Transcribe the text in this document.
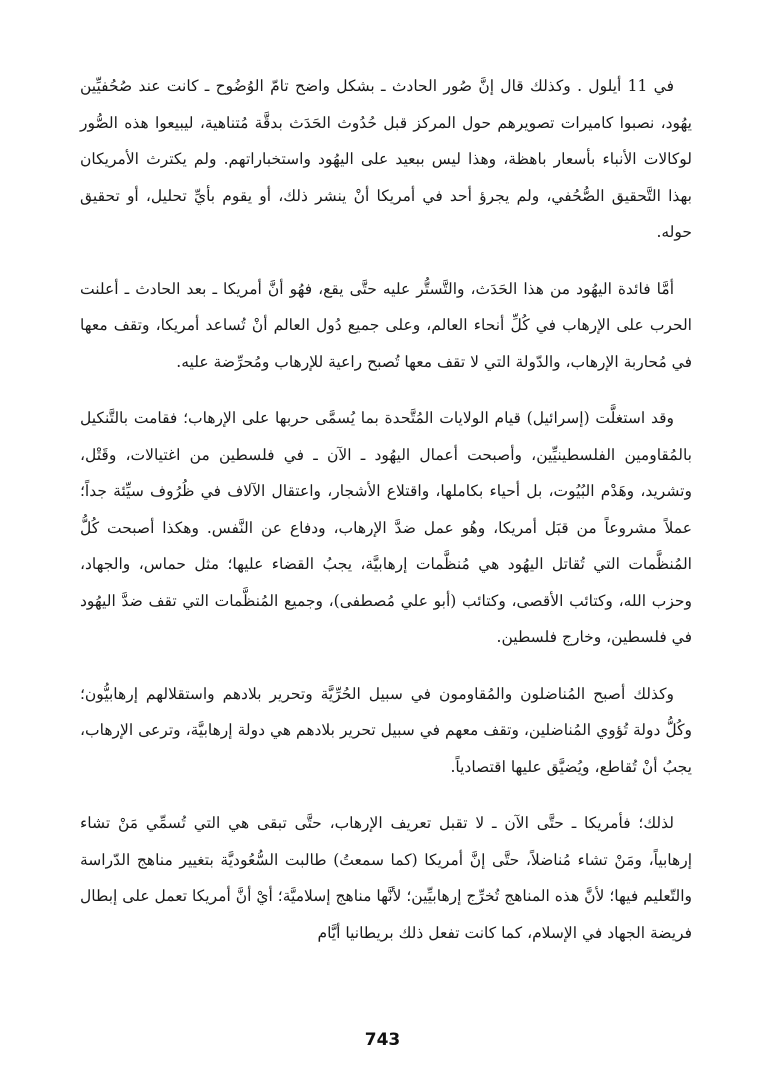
في 11 أيلول . وكذلك قال إنَّ صُور الحادث ـ بشكل واضح تامّ الوُضُوح ـ كانت عند صُحُفيِّين يهُود، نصبوا كاميرات تصويرهم حول المركز قبل حُدُوث الحَدَث بدقَّة مُتناهية، ليبيعوا هذه الصُّور لوكالات الأنباء بأسعار باهظة، وهذا ليس ببعيد على اليهُود واستخباراتهم. ولم يكترث الأمريكان بهذا التَّحقيق الصُّحُفي، ولم يجرؤ أحد في أمريكا أنْ ينشر ذلك، أو يقوم بأيِّ تحليل، أو تحقيق حوله.

أمَّا فائدة اليهُود من هذا الحَدَث، والتَّستُّر عليه حتَّى يقع، فهُو أنَّ أمريكا ـ بعد الحادث ـ أعلنت الحرب على الإرهاب في كُلِّ أنحاء العالم، وعلى جميع دُول العالم أنْ تُساعد أمريكا، وتقف معها في مُحاربة الإرهاب، والدّولة التي لا تقف معها تُصبح راعية للإرهاب ومُحرِّضة عليه.

وقد استغلَّت (إسرائيل) قيام الولايات المُتَّحدة بما يُسمَّى حربها على الإرهاب؛ فقامت بالتَّنكيل بالمُقاومين الفلسطينيِّين، وأصبحت أعمال اليهُود ـ الآن ـ في فلسطين من اغتيالات، وقَتْل، وتشريد، وهَدْم البُيُوت، بل أحياء بكاملها، واقتلاع الأشجار، واعتقال الآلاف في ظُرُوف سيِّئة جداً؛ عملاً مشروعاً من قبَل أمريكا، وهُو عمل ضدَّ الإرهاب، ودفاع عن النَّفس. وهكذا أصبحت كُلُّ المُنظَّمات التي تُقاتل اليهُود هي مُنظَّمات إرهابيَّة، يجبُ القضاء عليها؛ مثل حماس، والجهاد، وحزب الله، وكتائب الأقصى، وكتائب (أبو علي مُصطفى)، وجميع المُنظَّمات التي تقف ضدَّ اليهُود في فلسطين، وخارج فلسطين.

وكذلك أصبح المُناضلون والمُقاومون في سبيل الحُرِّيَّة وتحرير بلادهم واستقلالهم إرهابيُّون؛ وكُلُّ دولة تُؤوي المُناضلين، وتقف معهم في سبيل تحرير بلادهم هي دولة إرهابيَّة، وترعى الإرهاب، يجبُ أنْ تُقاطع، ويُضيَّق عليها اقتصادياً.

لذلك؛ فأمريكا ـ حتَّى الآن ـ لا تقبل تعريف الإرهاب، حتَّى تبقى هي التي تُسمِّي مَنْ تشاء إرهابياً، ومَنْ تشاء مُناضلاً، حتَّى إنَّ أمريكا (كما سمعتُ) طالبت السُّعُوديَّة بتغيير مناهج الدّراسة والتّعليم فيها؛ لأنَّ هذه المناهج تُخرِّج إرهابيِّين؛ لأنَّها مناهج إسلاميَّة؛ أيْ أنَّ أمريكا تعمل على إبطال فريضة الجهاد في الإسلام، كما كانت تفعل ذلك بريطانيا أيَّام

743
